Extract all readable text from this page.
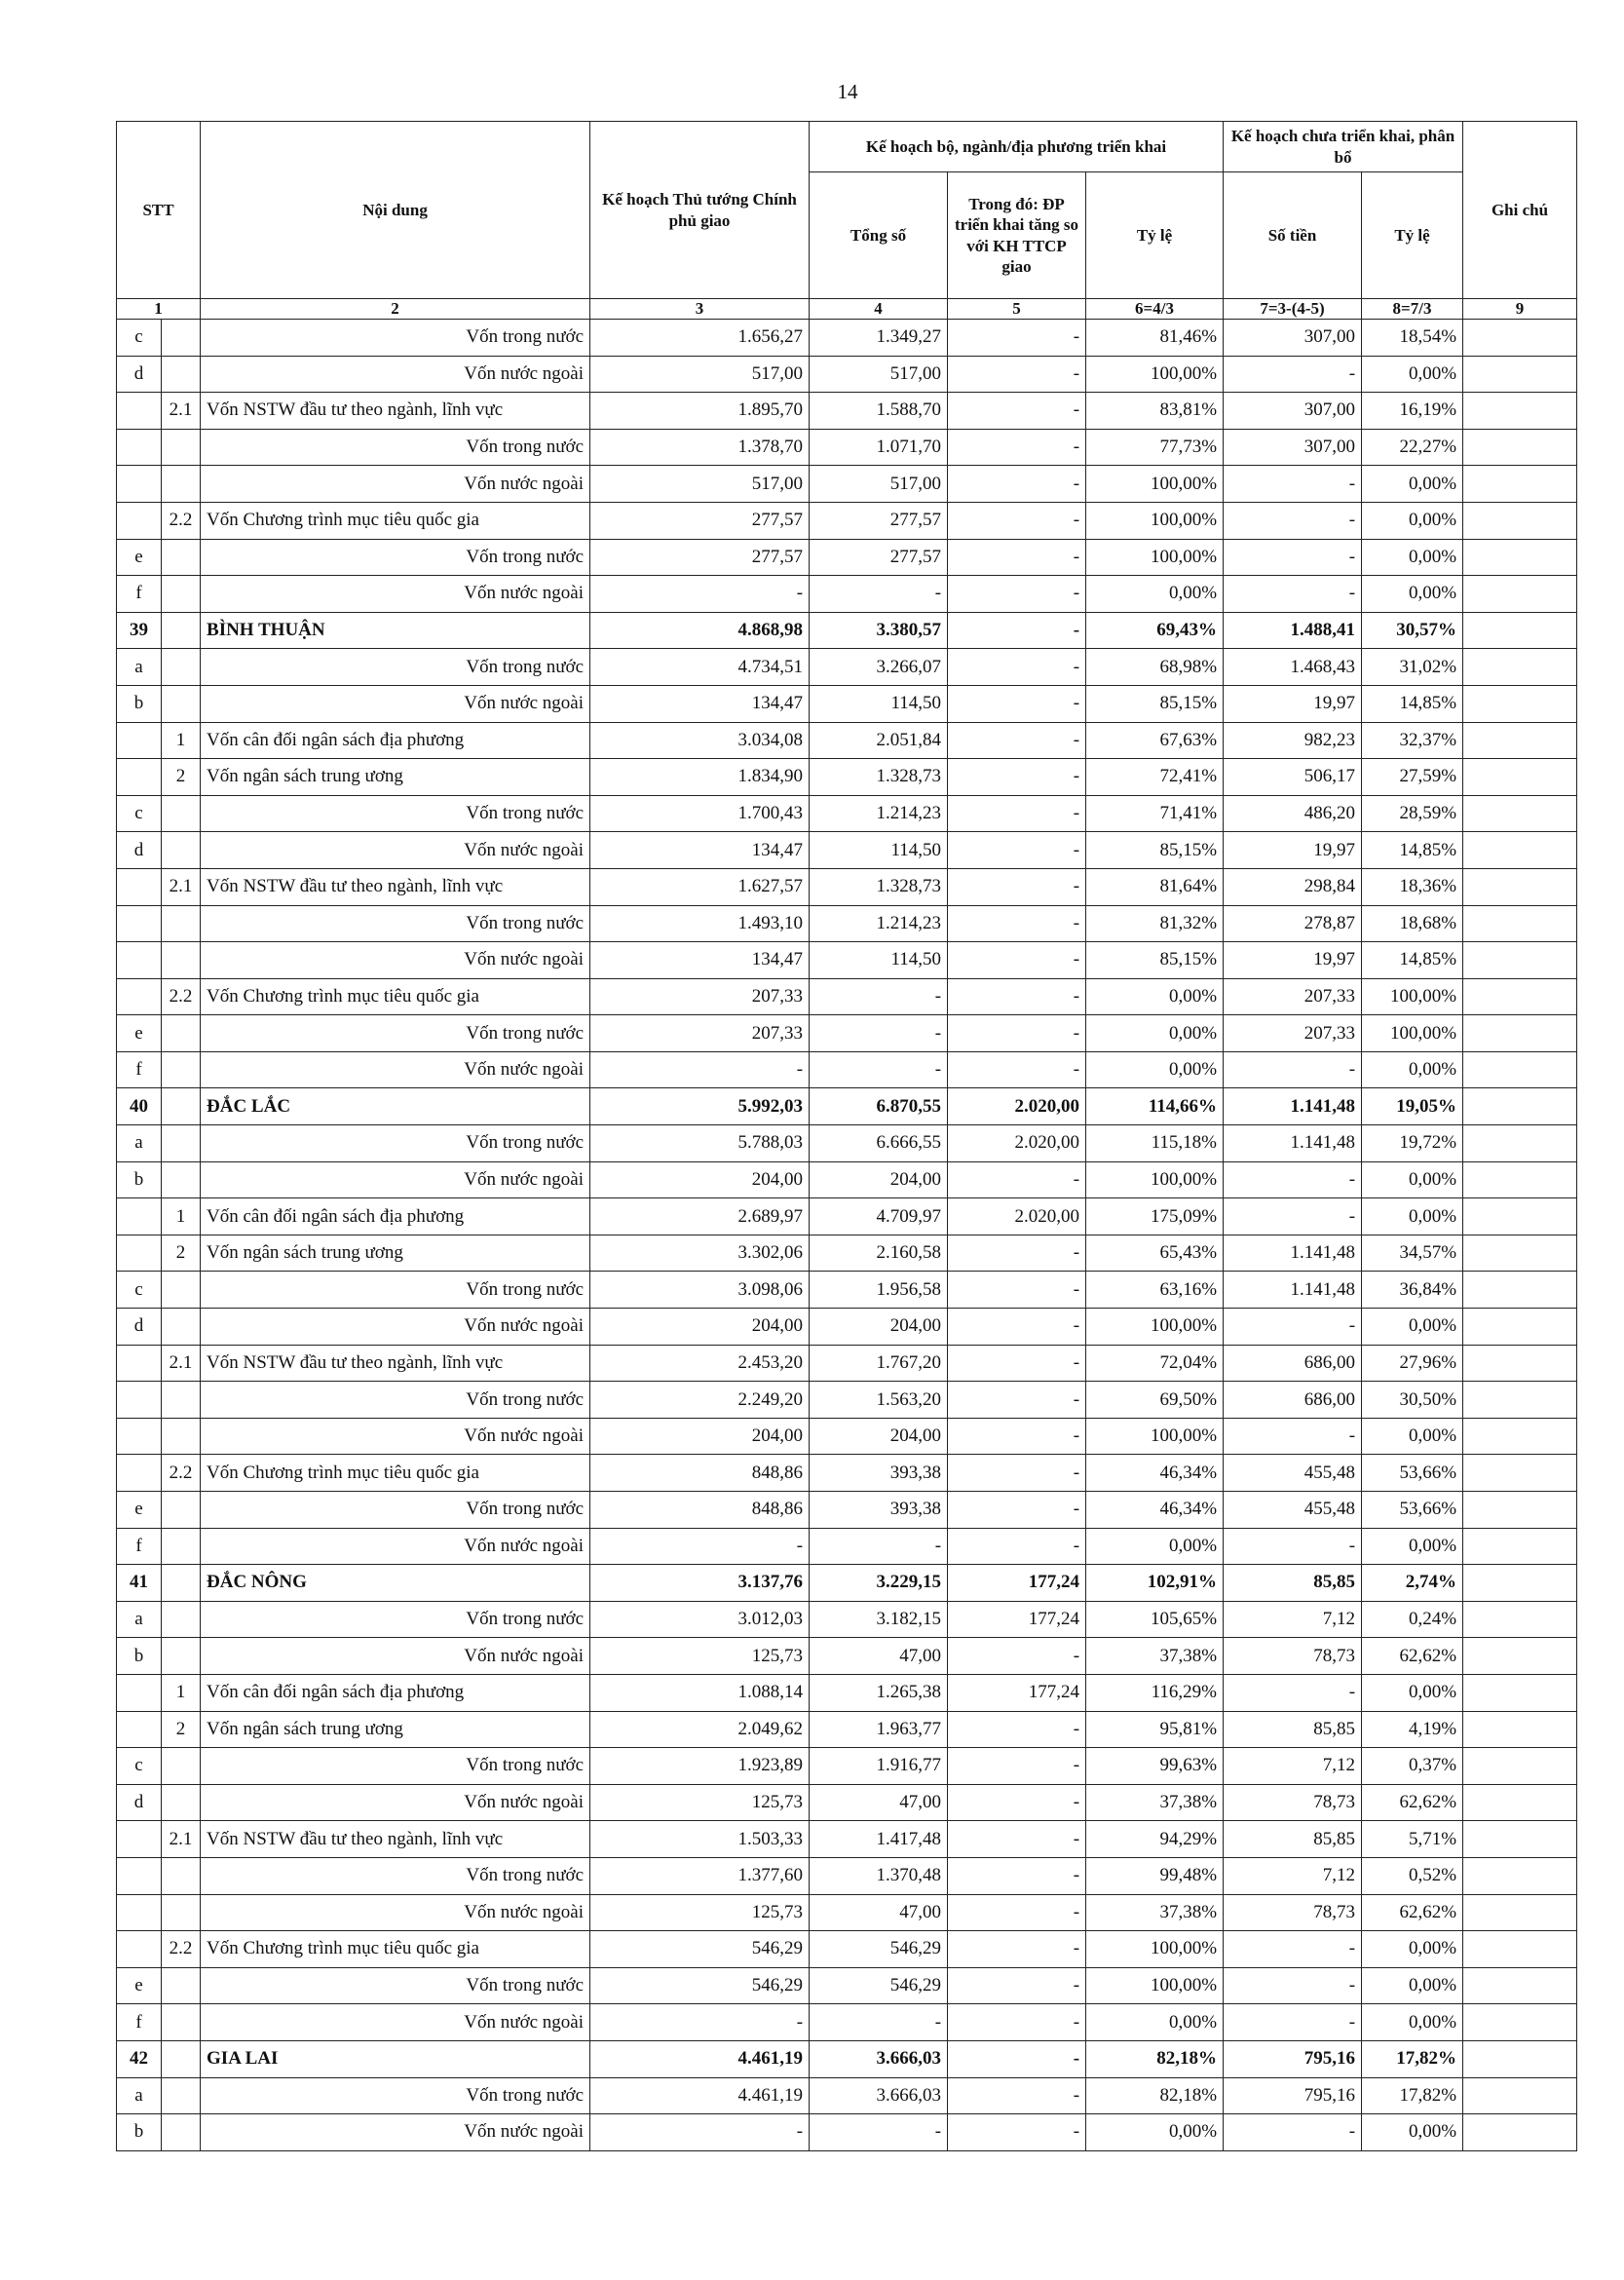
14
STT		Nội dung	Kế hoạch Thủ tướng Chính phủ giao	Kế hoạch bộ, ngành/địa phương triển khai			Kế hoạch chưa triển khai, phân bổ		Ghi chú
				Tổng số	Trong đó: ĐP triển khai tăng so với KH TTCP giao	Tỷ lệ	Số tiền	Tỷ lệ	
1		2	3	4	5	6=4/3	7=3-(4-5)	8=7/3	9
c		Vốn trong nước	1.656,27	1.349,27	-	81,46%	307,00	18,54%	
d		Vốn nước ngoài	517,00	517,00	-	100,00%	-	0,00%	
	2.1	Vốn NSTW đầu tư theo ngành, lĩnh vực	1.895,70	1.588,70	-	83,81%	307,00	16,19%	
		Vốn trong nước	1.378,70	1.071,70	-	77,73%	307,00	22,27%	
		Vốn nước ngoài	517,00	517,00	-	100,00%	-	0,00%	
	2.2	Vốn Chương trình mục tiêu quốc gia	277,57	277,57	-	100,00%	-	0,00%	
e		Vốn trong nước	277,57	277,57	-	100,00%	-	0,00%	
f		Vốn nước ngoài	-	-	-	0,00%	-	0,00%	
39		BÌNH THUẬN	4.868,98	3.380,57	-	69,43%	1.488,41	30,57%	
a		Vốn trong nước	4.734,51	3.266,07	-	68,98%	1.468,43	31,02%	
b		Vốn nước ngoài	134,47	114,50	-	85,15%	19,97	14,85%	
	1	Vốn cân đối ngân sách địa phương	3.034,08	2.051,84	-	67,63%	982,23	32,37%	
	2	Vốn ngân sách trung ương	1.834,90	1.328,73	-	72,41%	506,17	27,59%	
c		Vốn trong nước	1.700,43	1.214,23	-	71,41%	486,20	28,59%	
d		Vốn nước ngoài	134,47	114,50	-	85,15%	19,97	14,85%	
	2.1	Vốn NSTW đầu tư theo ngành, lĩnh vực	1.627,57	1.328,73	-	81,64%	298,84	18,36%	
		Vốn trong nước	1.493,10	1.214,23	-	81,32%	278,87	18,68%	
		Vốn nước ngoài	134,47	114,50	-	85,15%	19,97	14,85%	
	2.2	Vốn Chương trình mục tiêu quốc gia	207,33	-	-	0,00%	207,33	100,00%	
e		Vốn trong nước	207,33	-	-	0,00%	207,33	100,00%	
f		Vốn nước ngoài	-	-	-	0,00%	-	0,00%	
40		ĐẮC LẮC	5.992,03	6.870,55	2.020,00	114,66%	1.141,48	19,05%	
a		Vốn trong nước	5.788,03	6.666,55	2.020,00	115,18%	1.141,48	19,72%	
b		Vốn nước ngoài	204,00	204,00	-	100,00%	-	0,00%	
	1	Vốn cân đối ngân sách địa phương	2.689,97	4.709,97	2.020,00	175,09%	-	0,00%	
	2	Vốn ngân sách trung ương	3.302,06	2.160,58	-	65,43%	1.141,48	34,57%	
c		Vốn trong nước	3.098,06	1.956,58	-	63,16%	1.141,48	36,84%	
d		Vốn nước ngoài	204,00	204,00	-	100,00%	-	0,00%	
	2.1	Vốn NSTW đầu tư theo ngành, lĩnh vực	2.453,20	1.767,20	-	72,04%	686,00	27,96%	
		Vốn trong nước	2.249,20	1.563,20	-	69,50%	686,00	30,50%	
		Vốn nước ngoài	204,00	204,00	-	100,00%	-	0,00%	
	2.2	Vốn Chương trình mục tiêu quốc gia	848,86	393,38	-	46,34%	455,48	53,66%	
e		Vốn trong nước	848,86	393,38	-	46,34%	455,48	53,66%	
f		Vốn nước ngoài	-	-	-	0,00%	-	0,00%	
41		ĐẮC NÔNG	3.137,76	3.229,15	177,24	102,91%	85,85	2,74%	
a		Vốn trong nước	3.012,03	3.182,15	177,24	105,65%	7,12	0,24%	
b		Vốn nước ngoài	125,73	47,00	-	37,38%	78,73	62,62%	
	1	Vốn cân đối ngân sách địa phương	1.088,14	1.265,38	177,24	116,29%	-	0,00%	
	2	Vốn ngân sách trung ương	2.049,62	1.963,77	-	95,81%	85,85	4,19%	
c		Vốn trong nước	1.923,89	1.916,77	-	99,63%	7,12	0,37%	
d		Vốn nước ngoài	125,73	47,00	-	37,38%	78,73	62,62%	
	2.1	Vốn NSTW đầu tư theo ngành, lĩnh vực	1.503,33	1.417,48	-	94,29%	85,85	5,71%	
		Vốn trong nước	1.377,60	1.370,48	-	99,48%	7,12	0,52%	
		Vốn nước ngoài	125,73	47,00	-	37,38%	78,73	62,62%	
	2.2	Vốn Chương trình mục tiêu quốc gia	546,29	546,29	-	100,00%	-	0,00%	
e		Vốn trong nước	546,29	546,29	-	100,00%	-	0,00%	
f		Vốn nước ngoài	-	-	-	0,00%	-	0,00%	
42		GIA LAI	4.461,19	3.666,03	-	82,18%	795,16	17,82%	
a		Vốn trong nước	4.461,19	3.666,03	-	82,18%	795,16	17,82%	
b		Vốn nước ngoài	-	-	-	0,00%	-	0,00%	
